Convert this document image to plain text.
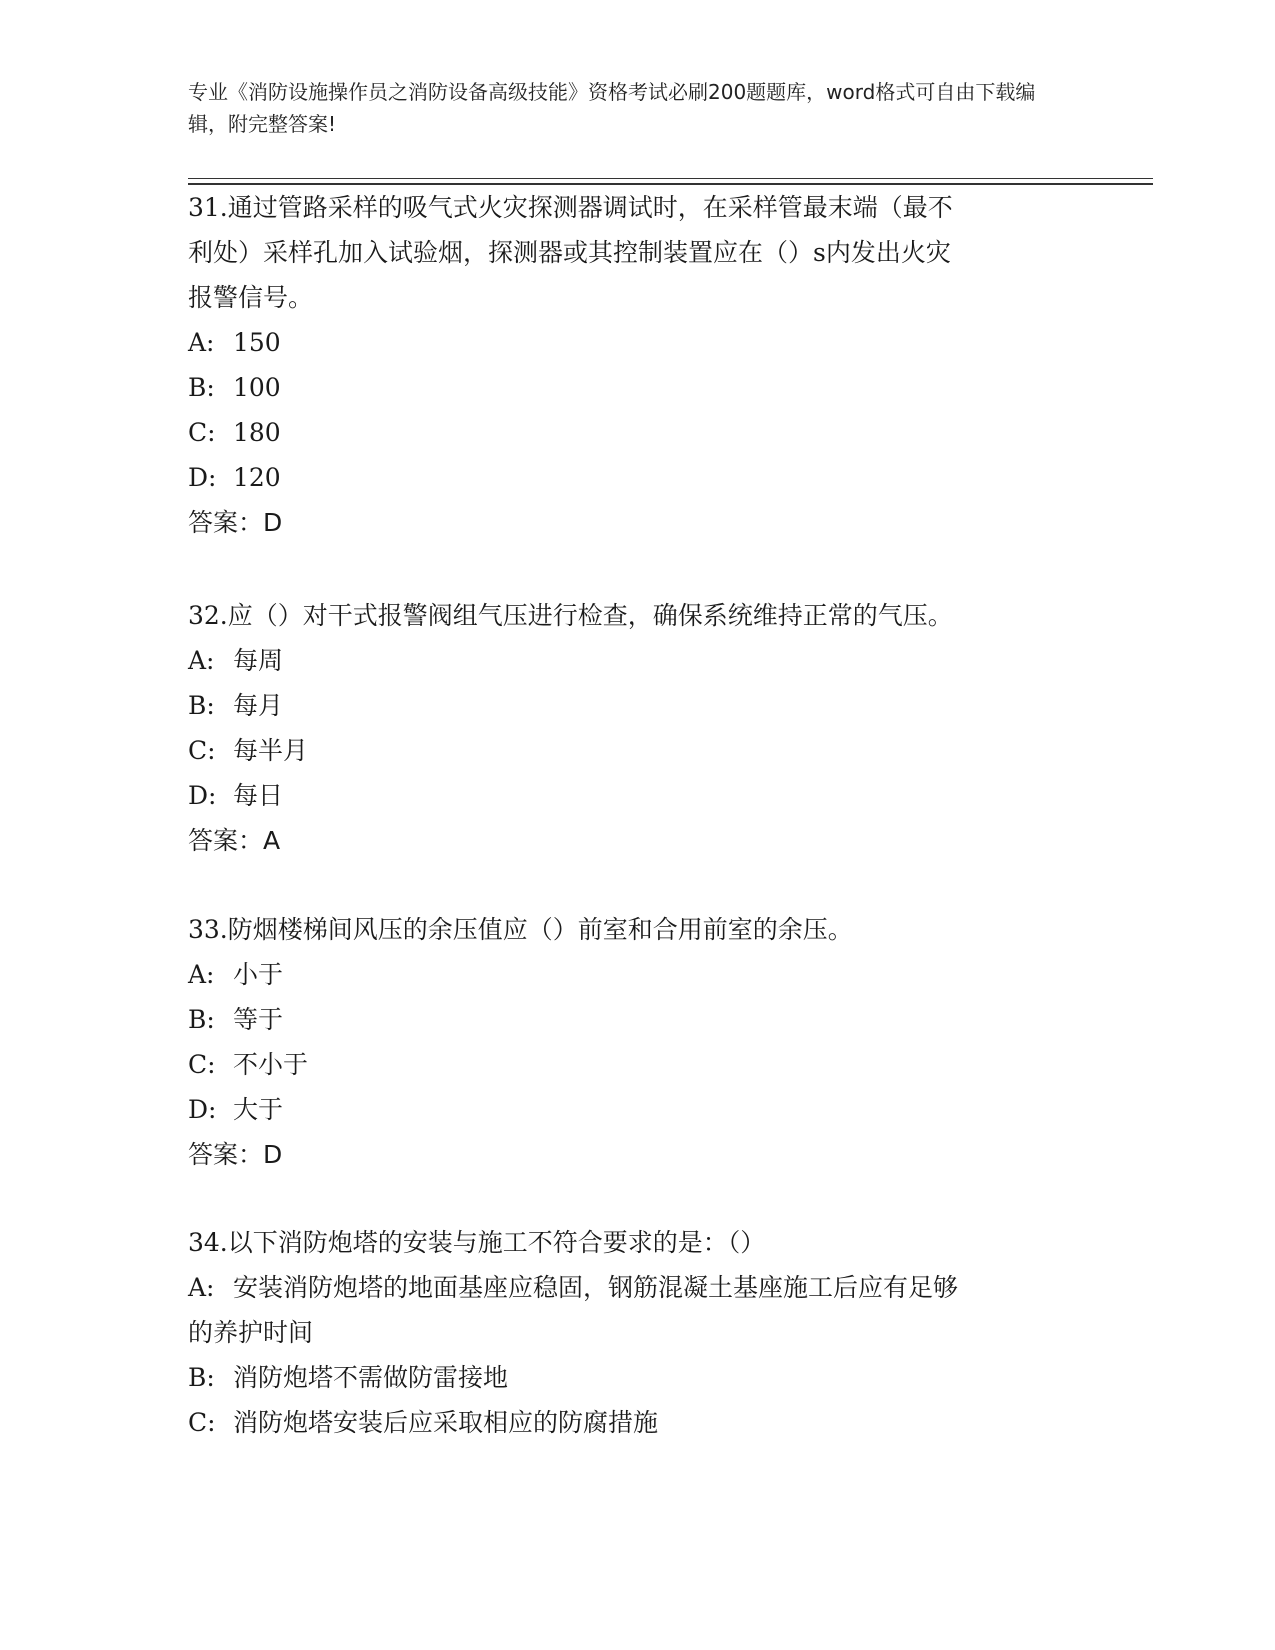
专业《消防设施操作员之消防设备高级技能》资格考试必刷200题题库，word格式可自由下载编辑，附完整答案!
31.通过管路采样的吸气式火灾探测器调试时，在采样管最末端（最不
利处）采样孔加入试验烟，探测器或其控制装置应在（）s内发出火灾
报警信号。
A: 150
B: 100
C: 180
D: 120
答案：D
32.应（）对干式报警阀组气压进行检查，确保系统维持正常的气压。
A: 每周
B: 每月
C: 每半月
D: 每日
答案：A
33.防烟楼梯间风压的余压值应（）前室和合用前室的余压。
A: 小于
B: 等于
C: 不小于
D: 大于
答案：D
34.以下消防炮塔的安装与施工不符合要求的是：（）
A: 安装消防炮塔的地面基座应稳固，钢筋混凝土基座施工后应有足够
的养护时间
B: 消防炮塔不需做防雷接地
C: 消防炮塔安装后应采取相应的防腐措施
